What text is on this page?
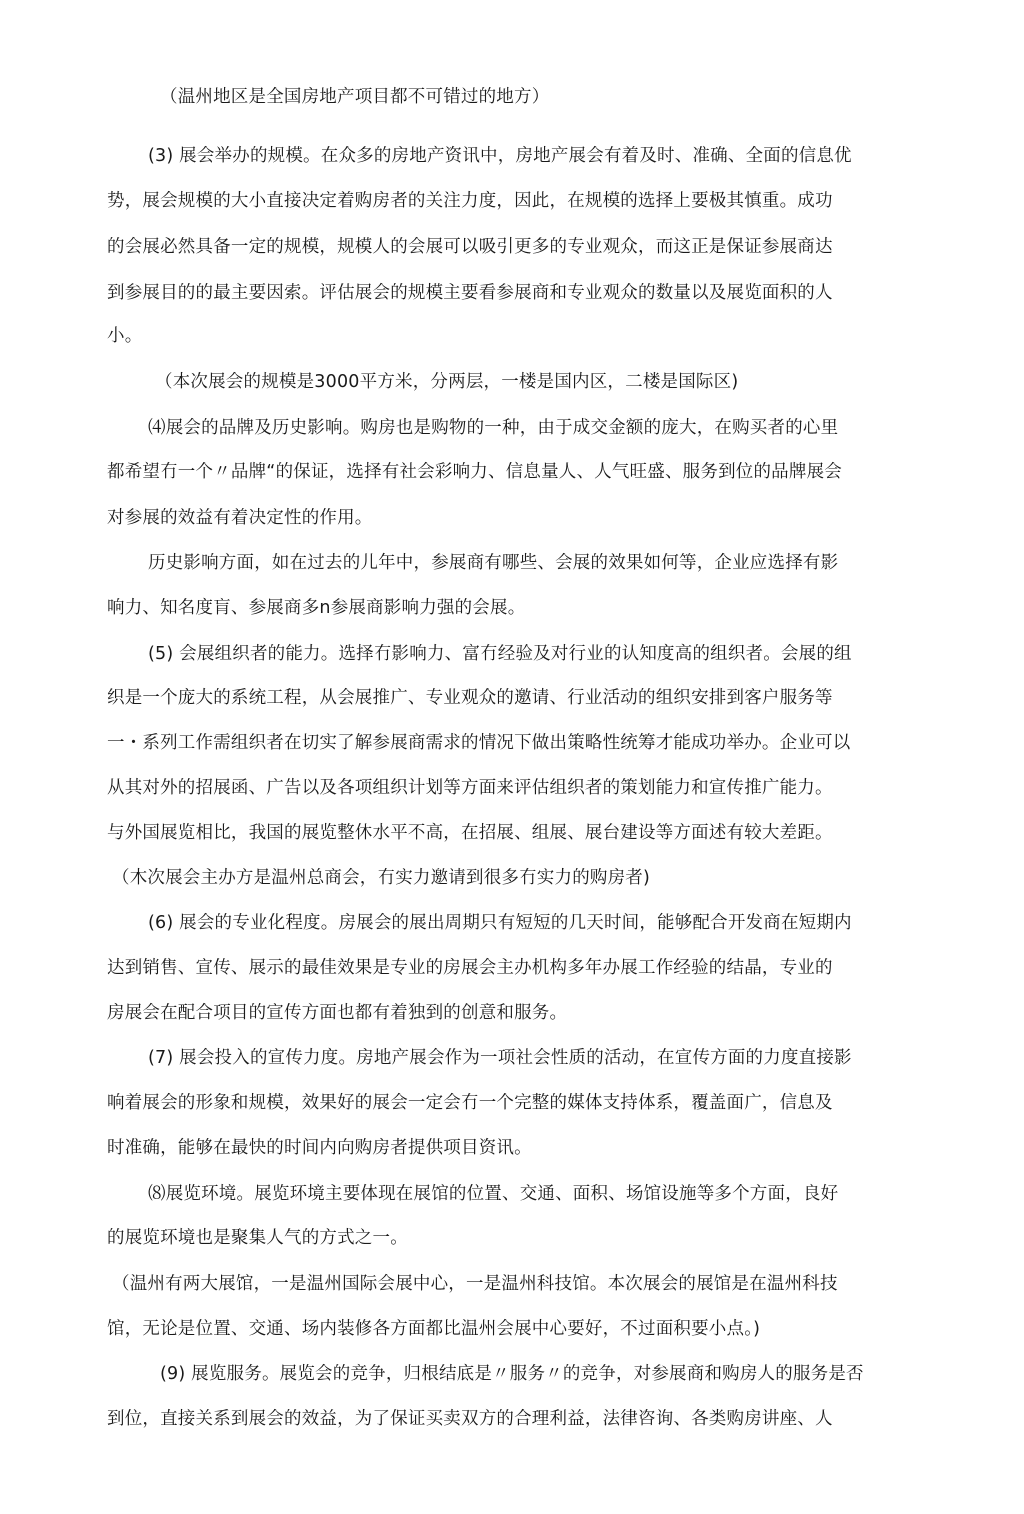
（温州地区是全国房地产项目都不可错过的地方）
(3) 展会举办的规模。在众多的房地产资讯中，房地产展会有着及时、准确、全面的信息优
势，展会规模的大小直接决定着购房者的关注力度，因此，在规模的选择上要极其慎重。成功
的会展必然具备一定的规模，规模人的会展可以吸引更多的专业观众，而这正是保证参展商达
到参展目的的最主要因索。评估展会的规模主要看参展商和专业观众的数量以及展览面积的人
小。
（本次展会的规模是3000平方米，分两层，一楼是国内区，二楼是国际区)
⑷展会的品牌及历史影响。购房也是购物的一种，由于成交金额的庞大，在购买者的心里
都希望冇一个〃品牌“的保证，选择有社会彩响力、信息量人、人气旺盛、服务到位的品牌展会
对参展的效益有着决定性的作用。
历史影响方面，如在过去的儿年中，参展商有哪些、会展的效果如何等，企业应选择有影
响力、知名度肓、参展商多n参展商影响力强的会展。
(5) 会展组织者的能力。选择冇影响力、富冇经验及对行业的认知度高的组织者。会展的组
织是一个庞大的系统工程，从会展推广、专业观众的邀请、行业活动的组织安排到客户服务等
一・系列工作需组织者在切实了解参展商需求的情况下做出策略性统筹才能成功举办。企业可以
从其对外的招展函、广告以及各项组织计划等方面来评估组织者的策划能力和宣传推广能力。
与外国展览相比，我国的展览整休水平不高，在招展、组展、展台建设等方面述有较大差距。
（木次展会主办方是温州总商会，冇实力邀请到很多冇实力的购房者)
(6) 展会的专业化程度。房展会的展出周期只有短短的几天时间，能够配合开发商在短期内
达到销售、宣传、展示的最佳效果是专业的房展会主办机构多年办展工作经验的结晶，专业的
房展会在配合项目的宣传方面也都有着独到的创意和服务。
(7) 展会投入的宣传力度。房地产展会作为一项社会性质的活动，在宣传方面的力度直接影
响着展会的形象和规模，效果好的展会一定会冇一个完整的媒体支持体系，覆盖面广，信息及
时准确，能够在最快的时间内向购房者提供项目资讯。
⑻展览环境。展览环境主要体现在展馆的位置、交通、面积、场馆设施等多个方面，良好
的展览环境也是聚集人气的方式之一。
（温州有两大展馆，一是温州国际会展中心，一是温州科技馆。本次展会的展馆是在温州科技
馆，无论是位置、交通、场内装修各方面都比温州会展中心要好，不过面积要小点。)
(9) 展览服务。展览会的竞争，归根结底是〃服务〃的竞争，对参展商和购房人的服务是否
到位，直接关系到展会的效益，为了保证买卖双方的合理利益，法律咨询、各类购房讲座、人
